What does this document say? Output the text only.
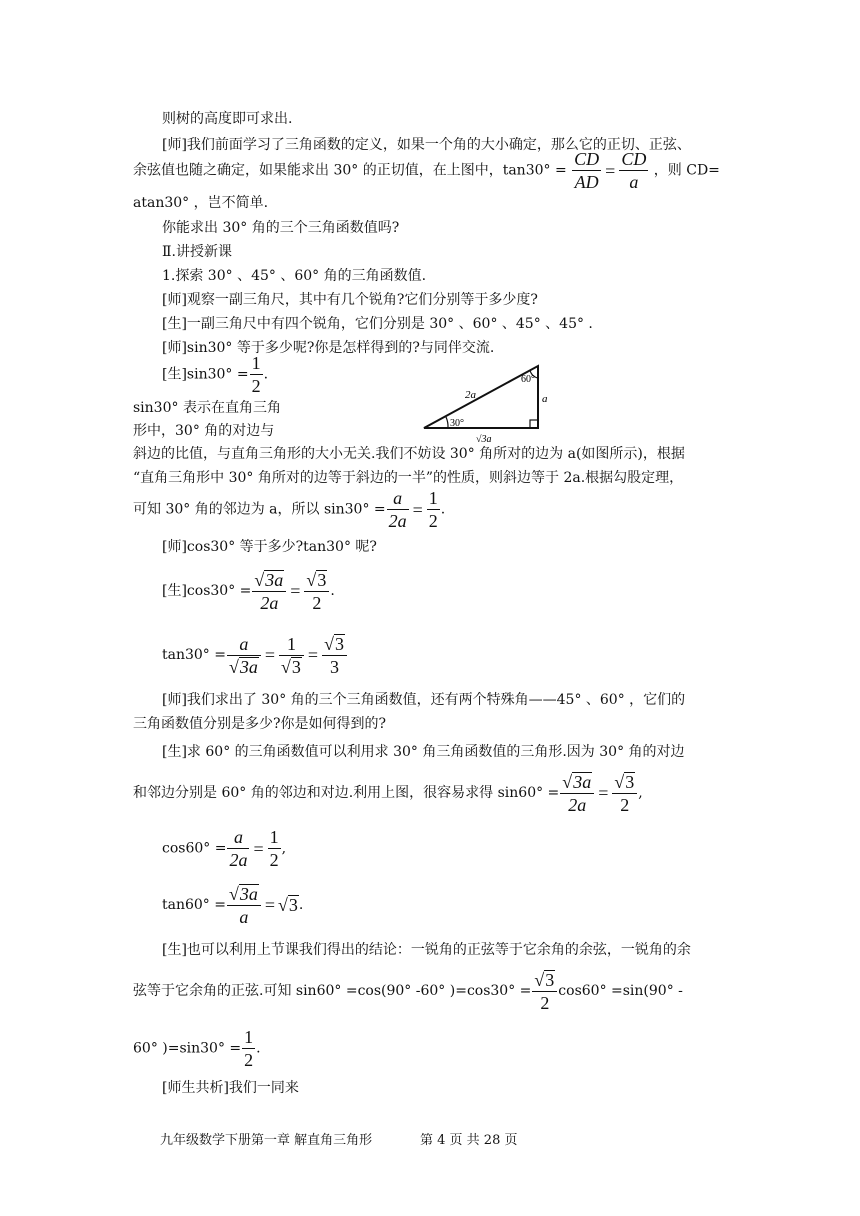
则树的高度即可求出.
[师]我们前面学习了三角函数的定义，如果一个角的大小确定，那么它的正切、正弦、
余弦值也随之确定，如果能求出 30° 的正切值，在上图中，$\tan 30^\circ = \frac{CD}{AD} = \frac{CD}{a}$ ，则 CD=
atan30° ，岂不简单.
你能求出 30° 角的三个三角函数值吗?
Ⅱ.讲授新课
1.探索 30° 、45° 、60° 角的三角函数值.
[师]观察一副三角尺，其中有几个锐角?它们分别等于多少度?
[生]一副三角尺中有四个锐角，它们分别是 30° 、60° 、45° 、45° .
[师]sin30° 等于多少呢?你是怎样得到的?与同伴交流.
[生]$\sin 30^\circ = \frac{1}{2}$ .
sin30° 表示在直角三角
形中，30° 角的对边与
60°
30°
2a	a
√3a
斜边的比值，与直角三角形的大小无关.我们不妨设 30° 角所对的边为 a(如图所示)，根据
“直角三角形中 30° 角所对的边等于斜边的一半”的性质，则斜边等于 2a.根据勾股定理，
可知 30° 角的邻边为 a，所以 $\sin 30^\circ = \frac{a}{2a} = \frac{1}{2}$ .
[师]cos30° 等于多少?tan30° 呢?
[生]$\cos 30^\circ = \frac{√3a}{2a} = \frac{√3}{2}$ .
$\tan 30^\circ = \frac{a}{√3a} = \frac{1}{√3} = \frac{√3}{3}$
[师]我们求出了 30° 角的三个三角函数值，还有两个特殊角——45° 、60° ，它们的
三角函数值分别是多少?你是如何得到的?
[生]求 60° 的三角函数值可以利用求 30° 角三角函数值的三角形.因为 30° 角的对边
和邻边分别是 60° 角的邻边和对边.利用上图，很容易求得 $\sin 60^\circ = \frac{√3a}{2a} = \frac{√3}{2}$ ,
$\cos 60^\circ = \frac{a}{2a} = \frac{1}{2}$ ,
$\tan 60^\circ = \frac{√3a}{a} = √3$.
[生]也可以利用上节课我们得出的结论：一锐角的正弦等于它余角的余弦，一锐角的余
弦等于它余角的正弦.可知 sin60° =cos(90° -60° )$=\cos 30^\circ = \frac{√3}{2} \cos 60^\circ =\sin(90^\circ$ -
60° )$=\sin 30^\circ = \frac{1}{2}$ .
[师生共析]我们一同来
九年级数学下册第一章 解直角三角形	第 4 页 共 28 页
